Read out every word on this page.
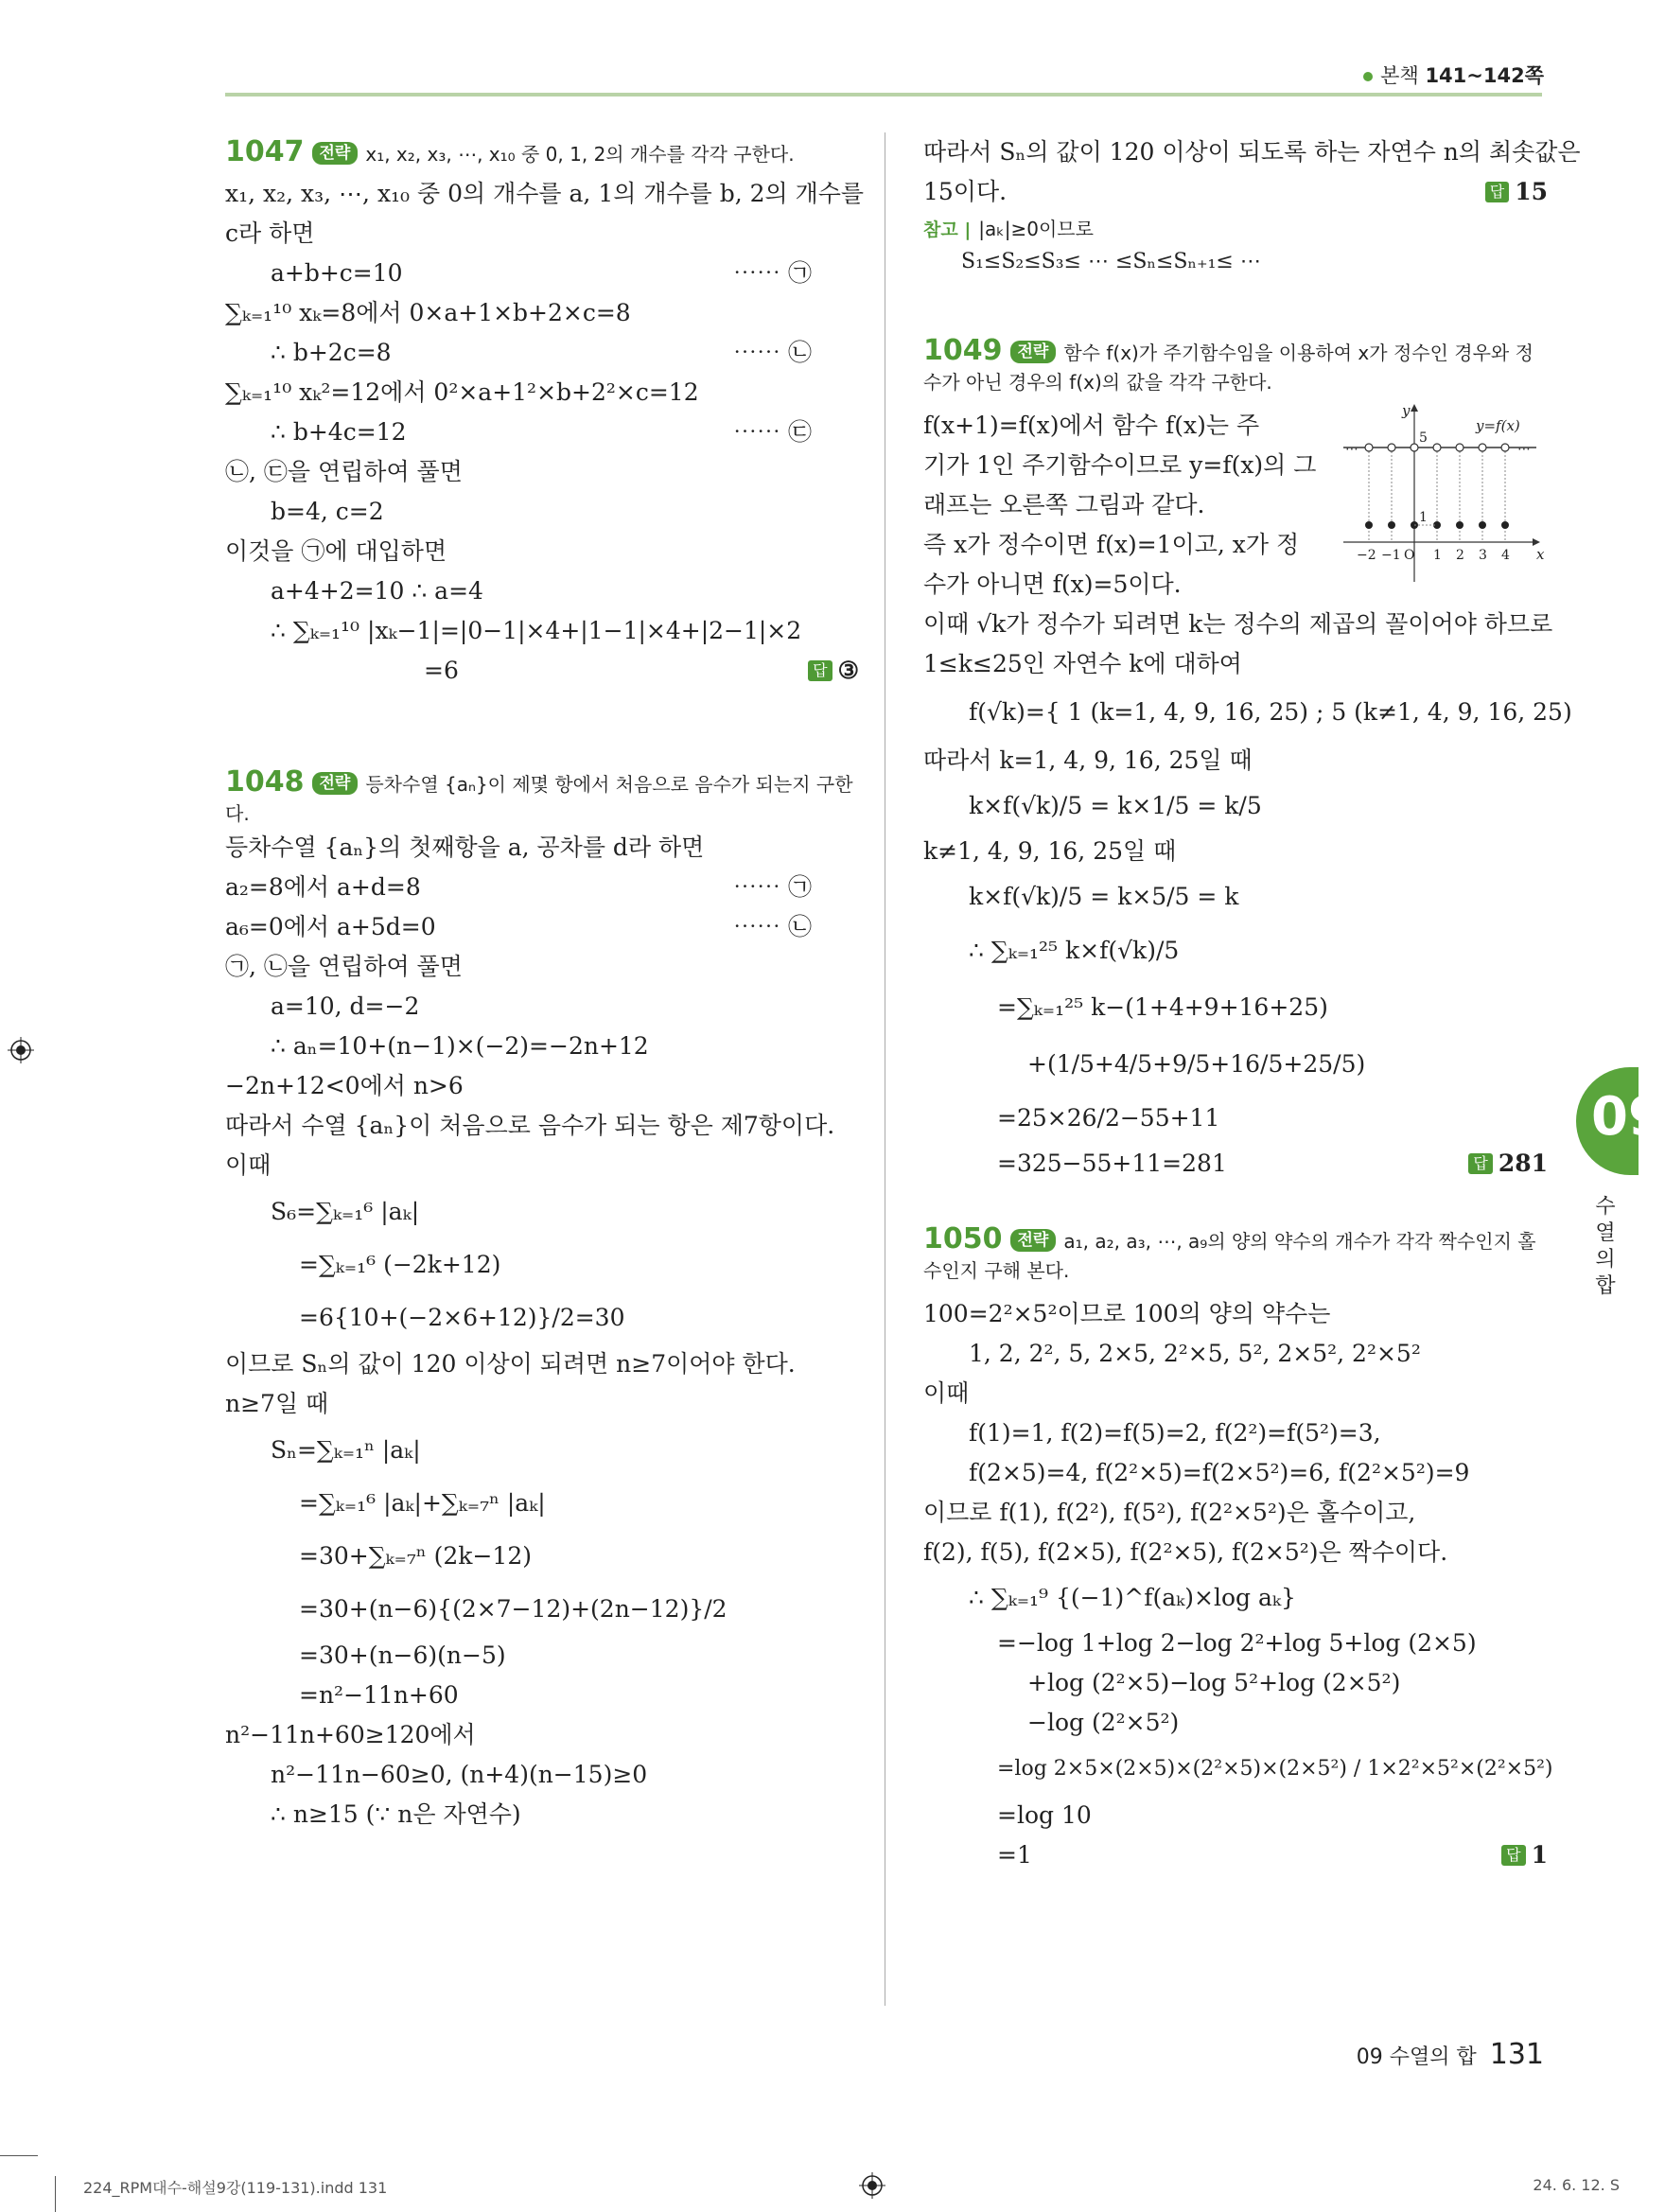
본책 141~142쪽
1047 전략 x₁, x₂, x₃, ⋯, x₁₀ 중 0, 1, 2의 개수를 각각 구한다.
x₁, x₂, x₃, ⋯, x₁₀ 중 0의 개수를 a, 1의 개수를 b, 2의 개수를
c라 하면
a+b+c=10	⋯⋯ ㉠
∑ₖ₌₁¹⁰ xₖ=8에서 0×a+1×b+2×c=8
∴ b+2c=8	⋯⋯ ㉡
∑ₖ₌₁¹⁰ xₖ²=12에서 0²×a+1²×b+2²×c=12
∴ b+4c=12	⋯⋯ ㉢
㉡, ㉢을 연립하여 풀면
b=4, c=2
이것을 ㉠에 대입하면
a+4+2=10 ∴ a=4
∴ ∑ₖ₌₁¹⁰ |xₖ−1|=|0−1|×4+|1−1|×4+|2−1|×2
=6	답 ③
1048 전략 등차수열 {aₙ}이 제몇 항에서 처음으로 음수가 되는지 구한다.
등차수열 {aₙ}의 첫째항을 a, 공차를 d라 하면
a₂=8에서 a+d=8	⋯⋯ ㉠
a₆=0에서 a+5d=0	⋯⋯ ㉡
㉠, ㉡을 연립하여 풀면
a=10, d=−2
∴ aₙ=10+(n−1)×(−2)=−2n+12
−2n+12<0에서 n>6
따라서 수열 {aₙ}이 처음으로 음수가 되는 항은 제7항이다.
이때
S₆=∑ₖ₌₁⁶ |aₖ|
=∑ₖ₌₁⁶ (−2k+12)
=6{10+(−2×6+12)}/2=30
이므로 Sₙ의 값이 120 이상이 되려면 n≥7이어야 한다.
n≥7일 때
Sₙ=∑ₖ₌₁ⁿ |aₖ|
=∑ₖ₌₁⁶ |aₖ|+∑ₖ₌₇ⁿ |aₖ|
=30+∑ₖ₌₇ⁿ (2k−12)
=30+(n−6){(2×7−12)+(2n−12)}/2
=30+(n−6)(n−5)
=n²−11n+60
n²−11n+60≥120에서
n²−11n−60≥0, (n+4)(n−15)≥0
∴ n≥15 (∵ n은 자연수)
따라서 Sₙ의 값이 120 이상이 되도록 하는 자연수 n의 최솟값은
15이다.	답 15
참고 | |aₖ|≥0이므로
S₁≤S₂≤S₃≤ ⋯ ≤Sₙ≤Sₙ₊₁≤ ⋯
1049 전략 함수 f(x)가 주기함수임을 이용하여 x가 정수인 경우와 정수가 아닌 경우의 f(x)의 값을 각각 구한다.
f(x+1)=f(x)에서 함수 f(x)는 주
기가 1인 주기함수이므로 y=f(x)의 그
래프는 오른쪽 그림과 같다.
즉 x가 정수이면 f(x)=1이고, x가 정
수가 아니면 f(x)=5이다.
이때 √k가 정수가 되려면 k는 정수의 제곱의 꼴이어야 하므로
1≤k≤25인 자연수 k에 대하여
f(√k)={ 1 (k=1, 4, 9, 16, 25) ; 5 (k≠1, 4, 9, 16, 25)
따라서 k=1, 4, 9, 16, 25일 때
k×f(√k)/5 = k×1/5 = k/5
k≠1, 4, 9, 16, 25일 때
k×f(√k)/5 = k×5/5 = k
∴ ∑ₖ₌₁²⁵ k×f(√k)/5
=∑ₖ₌₁²⁵ k−(1+4+9+16+25)
+(1/5+4/5+9/5+16/5+25/5)
=25×26/2−55+11
=325−55+11=281	답 281
1050 전략 a₁, a₂, a₃, ⋯, a₉의 양의 약수의 개수가 각각 짝수인지 홀수인지 구해 본다.
100=2²×5²이므로 100의 양의 약수는
1, 2, 2², 5, 2×5, 2²×5, 5², 2×5², 2²×5²
이때
f(1)=1, f(2)=f(5)=2, f(2²)=f(5²)=3,
f(2×5)=4, f(2²×5)=f(2×5²)=6, f(2²×5²)=9
이므로 f(1), f(2²), f(5²), f(2²×5²)은 홀수이고,
f(2), f(5), f(2×5), f(2²×5), f(2×5²)은 짝수이다.
∴ ∑ₖ₌₁⁹ {(−1)^f(aₖ)×log aₖ}
=−log 1+log 2−log 2²+log 5+log (2×5)
+log (2²×5)−log 5²+log (2×5²)
−log (2²×5²)
=log 2×5×(2×5)×(2²×5)×(2×5²) / 1×2²×5²×(2²×5²)
=log 10
=1	답 1
⋯	⋯
y
x
y=f(x)
5
1
O
−2 −1 1 2 3 4
09
수열의 합
09 수열의 합 131
224_RPM대수-해설9강(119-131).indd 131	24. 6. 12. S
